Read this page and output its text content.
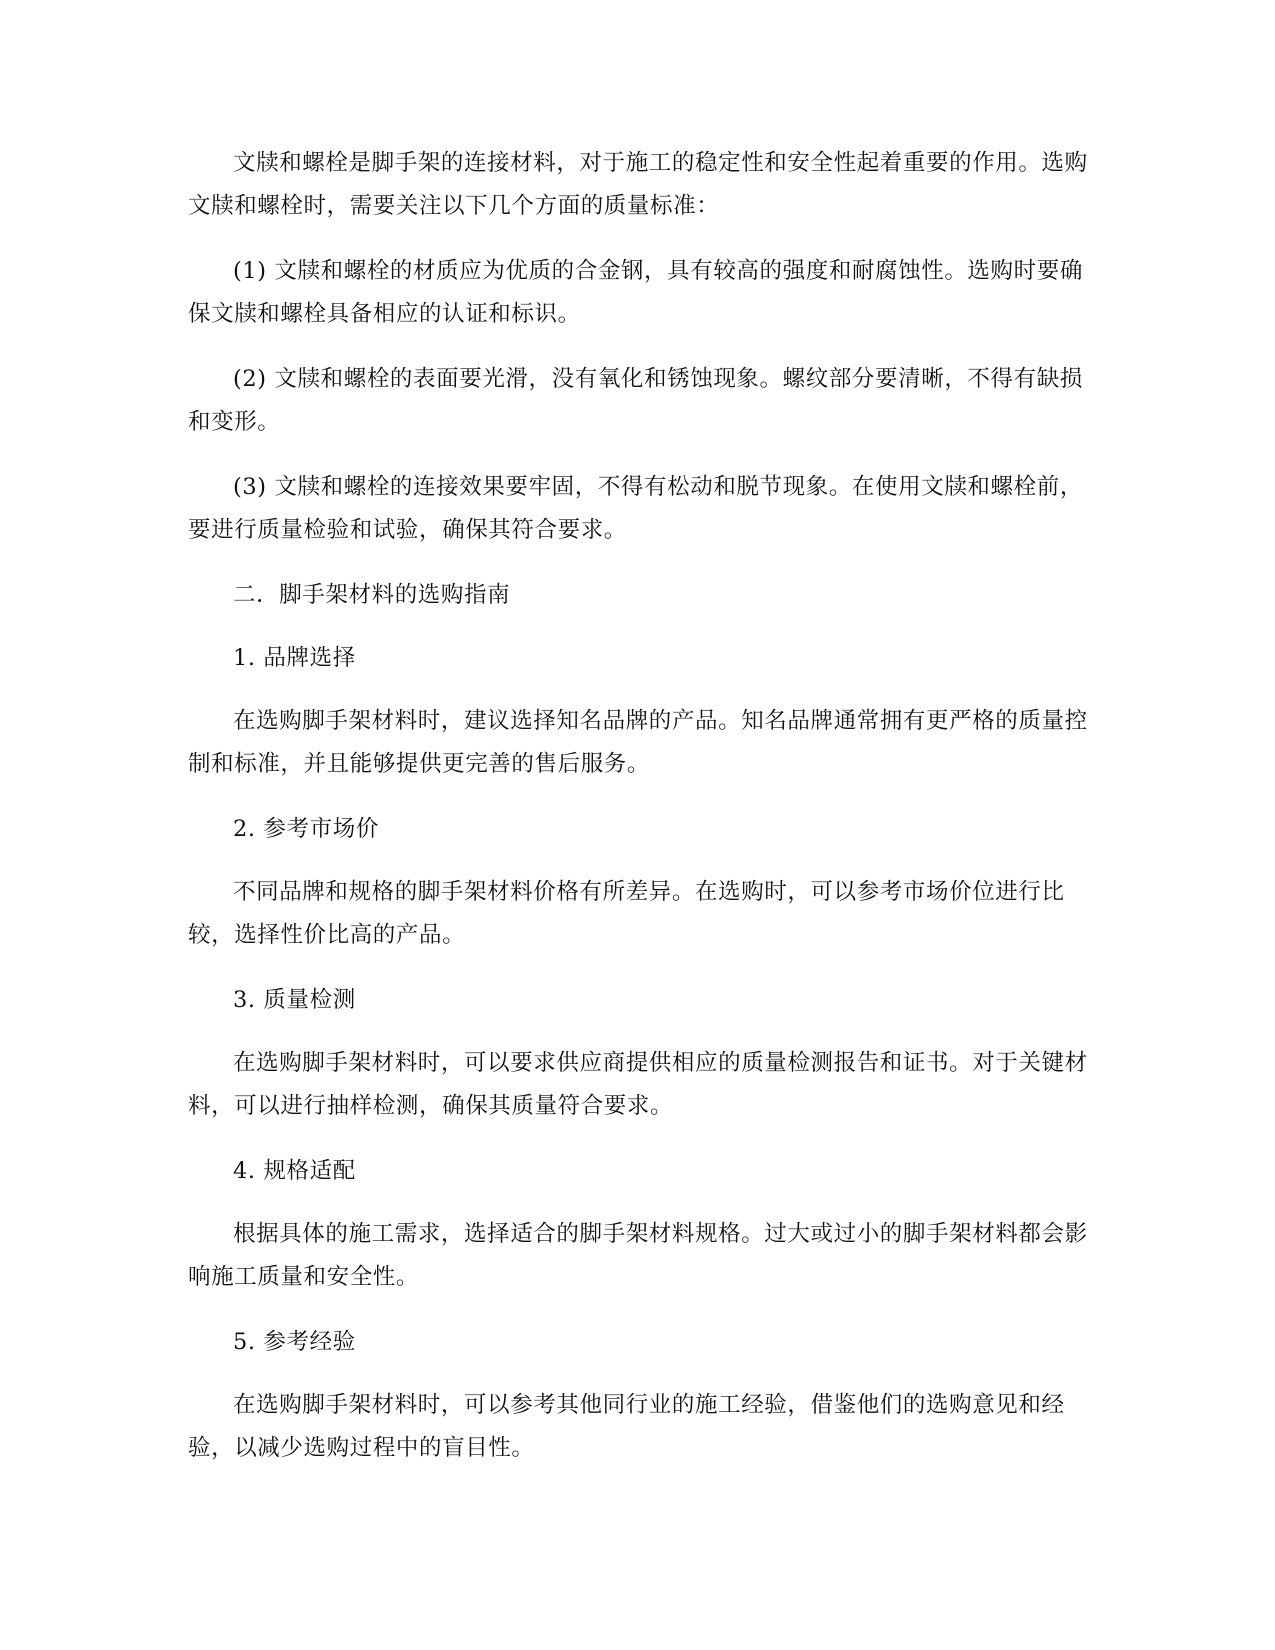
文牍和螺栓是脚手架的连接材料，对于施工的稳定性和安全性起着重要的作用。选购文牍和螺栓时，需要关注以下几个方面的质量标准：

(1) 文牍和螺栓的材质应为优质的合金钢，具有较高的强度和耐腐蚀性。选购时要确保文牍和螺栓具备相应的认证和标识。

(2) 文牍和螺栓的表面要光滑，没有氧化和锈蚀现象。螺纹部分要清晰，不得有缺损和变形。

(3) 文牍和螺栓的连接效果要牢固，不得有松动和脱节现象。在使用文牍和螺栓前，要进行质量检验和试验，确保其符合要求。

二．脚手架材料的选购指南

1. 品牌选择

在选购脚手架材料时，建议选择知名品牌的产品。知名品牌通常拥有更严格的质量控制和标准，并且能够提供更完善的售后服务。

2. 参考市场价

不同品牌和规格的脚手架材料价格有所差异。在选购时，可以参考市场价位进行比较，选择性价比高的产品。

3. 质量检测

在选购脚手架材料时，可以要求供应商提供相应的质量检测报告和证书。对于关键材料，可以进行抽样检测，确保其质量符合要求。

4. 规格适配

根据具体的施工需求，选择适合的脚手架材料规格。过大或过小的脚手架材料都会影响施工质量和安全性。

5. 参考经验

在选购脚手架材料时，可以参考其他同行业的施工经验，借鉴他们的选购意见和经验，以减少选购过程中的盲目性。
